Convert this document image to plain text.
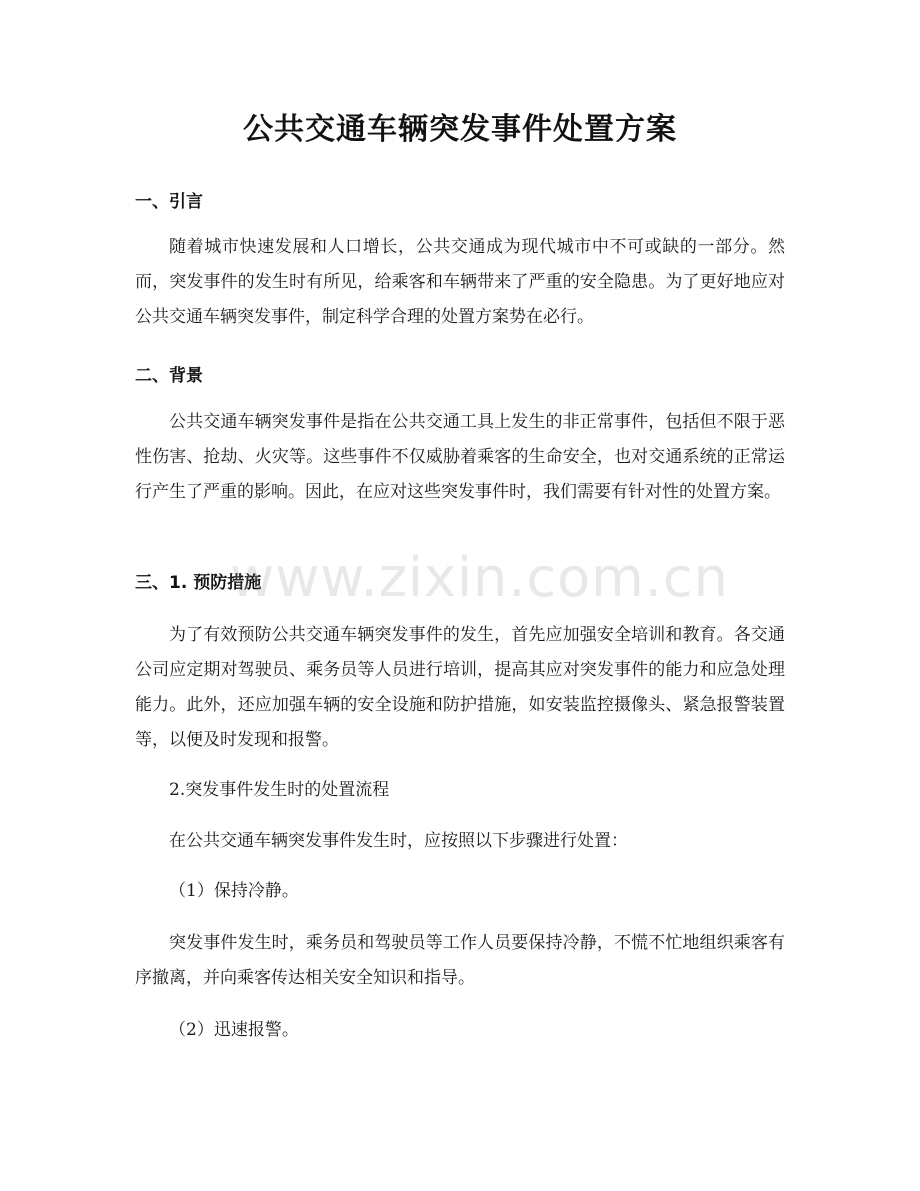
公共交通车辆突发事件处置方案
一、引言
随着城市快速发展和人口增长，公共交通成为现代城市中不可或缺的一部分。然而，突发事件的发生时有所见，给乘客和车辆带来了严重的安全隐患。为了更好地应对公共交通车辆突发事件，制定科学合理的处置方案势在必行。
二、背景
公共交通车辆突发事件是指在公共交通工具上发生的非正常事件，包括但不限于恶性伤害、抢劫、火灾等。这些事件不仅威胁着乘客的生命安全，也对交通系统的正常运行产生了严重的影响。因此，在应对这些突发事件时，我们需要有针对性的处置方案。
三、1. 预防措施
为了有效预防公共交通车辆突发事件的发生，首先应加强安全培训和教育。各交通公司应定期对驾驶员、乘务员等人员进行培训，提高其应对突发事件的能力和应急处理能力。此外，还应加强车辆的安全设施和防护措施，如安装监控摄像头、紧急报警装置等，以便及时发现和报警。
2.突发事件发生时的处置流程
在公共交通车辆突发事件发生时，应按照以下步骤进行处置：
（1）保持冷静。
突发事件发生时，乘务员和驾驶员等工作人员要保持冷静，不慌不忙地组织乘客有序撤离，并向乘客传达相关安全知识和指导。
（2）迅速报警。
www.zixin.com.cn
